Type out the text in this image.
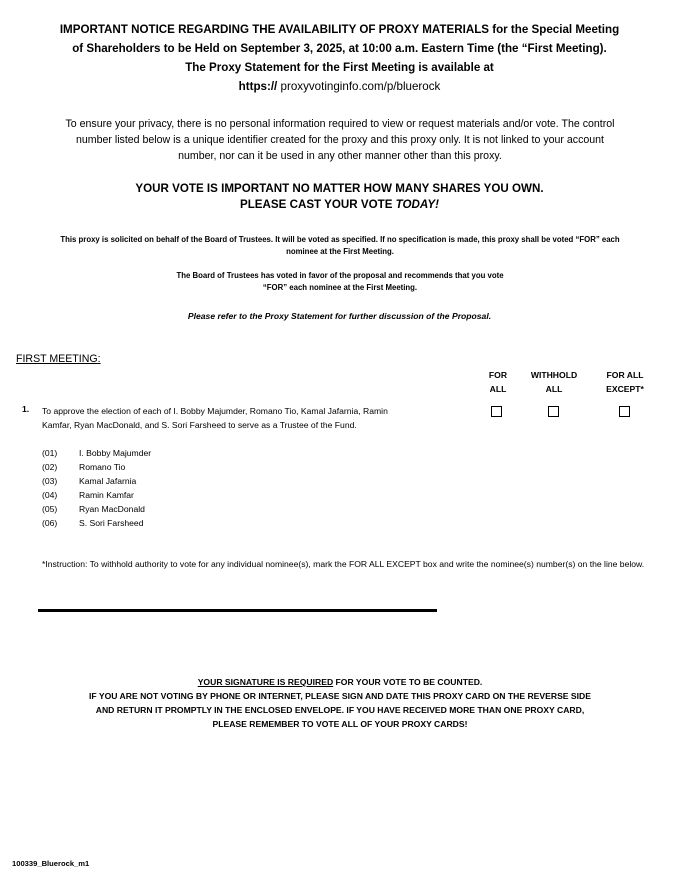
IMPORTANT NOTICE REGARDING THE AVAILABILITY OF PROXY MATERIALS for the Special Meeting
of Shareholders to be Held on September 3, 2025, at 10:00 a.m. Eastern Time (the “First Meeting).
The Proxy Statement for the First Meeting is available at
https:// proxyvotinginfo.com/p/bluerock
To ensure your privacy, there is no personal information required to view or request materials and/or vote. The control number listed below is a unique identifier created for the proxy and this proxy only. It is not linked to your account number, nor can it be used in any other manner other than this proxy.
YOUR VOTE IS IMPORTANT NO MATTER HOW MANY SHARES YOU OWN.
PLEASE CAST YOUR VOTE TODAY!
This proxy is solicited on behalf of the Board of Trustees. It will be voted as specified. If no specification is made, this proxy shall be voted “FOR” each nominee at the First Meeting.
The Board of Trustees has voted in favor of the proposal and recommends that you vote
“FOR” each nominee at the First Meeting.
Please refer to the Proxy Statement for further discussion of the Proposal.
FIRST MEETING:
FOR
ALL
WITHHOLD
ALL
FOR ALL
EXCEPT*
1. To approve the election of each of I. Bobby Majumder, Romano Tio, Kamal Jafarnia, Ramin Kamfar, Ryan MacDonald, and S. Sori Farsheed to serve as a Trustee of the Fund.
(01)	I. Bobby Majumder
(02)	Romano Tio
(03)	Kamal Jafarnia
(04)	Ramin Kamfar
(05)	Ryan MacDonald
(06)	S. Sori Farsheed
*Instruction: To withhold authority to vote for any individual nominee(s), mark the FOR ALL EXCEPT box and write the nominee(s) number(s) on the line below.
YOUR SIGNATURE IS REQUIRED FOR YOUR VOTE TO BE COUNTED.
IF YOU ARE NOT VOTING BY PHONE OR INTERNET, PLEASE SIGN AND DATE THIS PROXY CARD ON THE REVERSE SIDE
AND RETURN IT PROMPTLY IN THE ENCLOSED ENVELOPE. IF YOU HAVE RECEIVED MORE THAN ONE PROXY CARD,
PLEASE REMEMBER TO VOTE ALL OF YOUR PROXY CARDS!
100339_Bluerock_m1
